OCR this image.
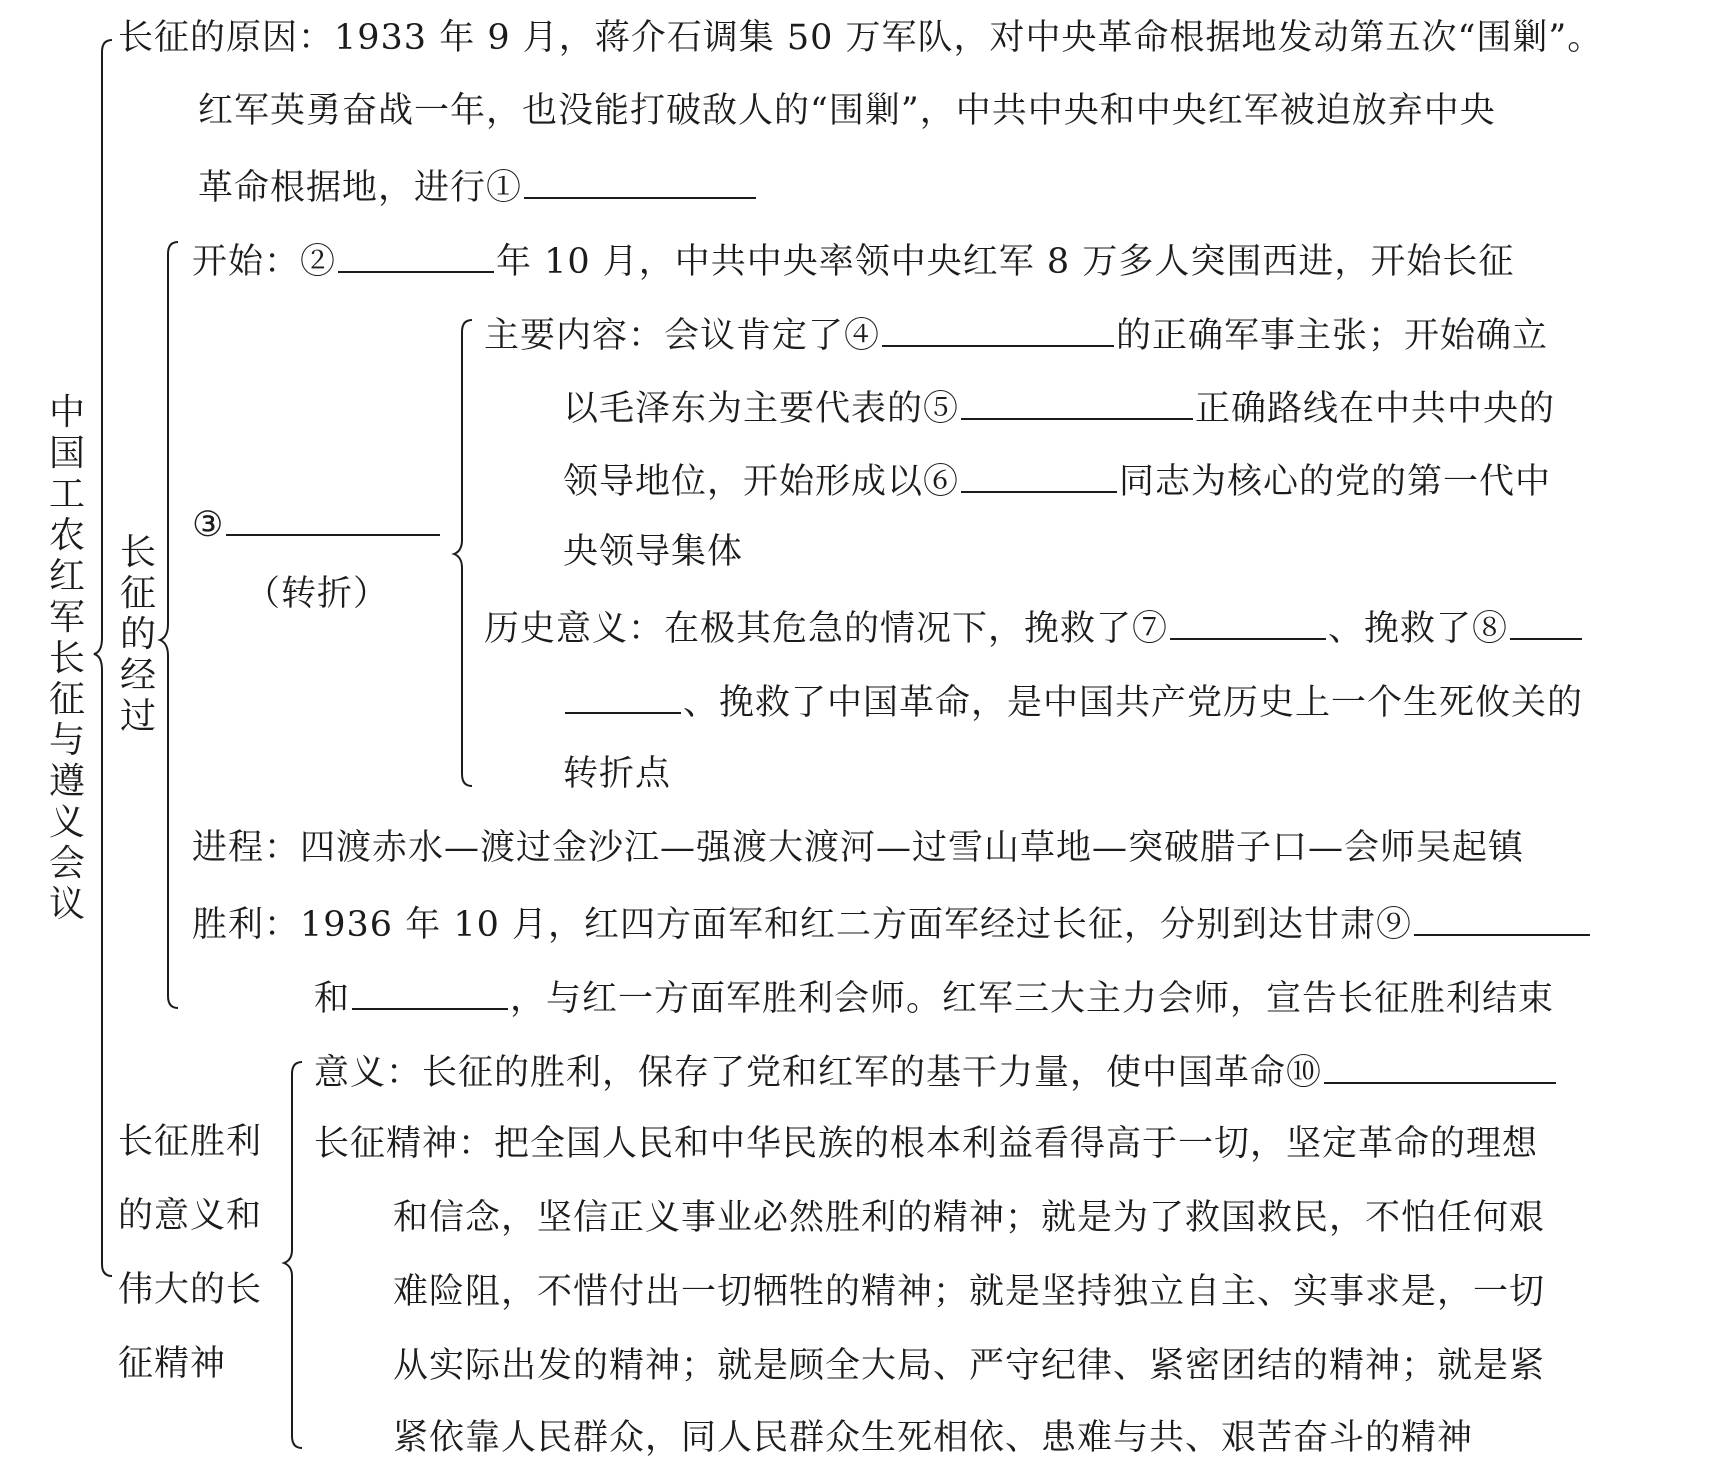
中国工农红军长征与遵义会议
长征的原因：1933 年 9 月，蒋介石调集 50 万军队，对中央革命根据地发动第五次“围剿”。
红军英勇奋战一年，也没能打破敌人的“围剿”，中共中央和中央红军被迫放弃中央
革命根据地，进行①
长征的经过
开始：②	年 10 月，中共中央率领中央红军 8 万多人突围西进，开始长征
③
（转折）
主要内容：会议肯定了④	的正确军事主张；开始确立
以毛泽东为主要代表的⑤	正确路线在中共中央的
领导地位，开始形成以⑥	同志为核心的党的第一代中
央领导集体
历史意义：在极其危急的情况下，挽救了⑦	、挽救了⑧
、挽救了中国革命，是中国共产党历史上一个生死攸关的
转折点
进程：四渡赤水—渡过金沙江—强渡大渡河—过雪山草地—突破腊子口—会师吴起镇
胜利：1936 年 10 月，红四方面军和红二方面军经过长征，分别到达甘肃⑨
和	，与红一方面军胜利会师。红军三大主力会师，宣告长征胜利结束
长征胜利
的意义和
伟大的长
征精神
意义：长征的胜利，保存了党和红军的基干力量，使中国革命⑩
长征精神：把全国人民和中华民族的根本利益看得高于一切，坚定革命的理想
和信念，坚信正义事业必然胜利的精神；就是为了救国救民，不怕任何艰
难险阻，不惜付出一切牺牲的精神；就是坚持独立自主、实事求是，一切
从实际出发的精神；就是顾全大局、严守纪律、紧密团结的精神；就是紧
紧依靠人民群众，同人民群众生死相依、患难与共、艰苦奋斗的精神
